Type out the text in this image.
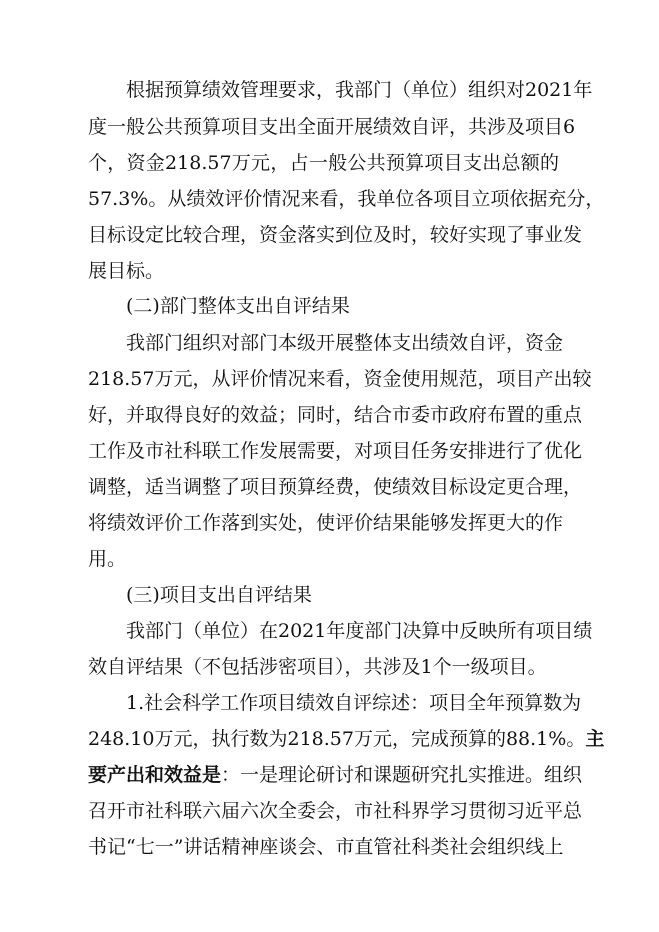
根据预算绩效管理要求，我部门（单位）组织对2021年

度一般公共预算项目支出全面开展绩效自评，共涉及项目6

个，资金218.57万元，占一般公共预算项目支出总额的

57.3%。从绩效评价情况来看，我单位各项目立项依据充分，

目标设定比较合理，资金落实到位及时，较好实现了事业发

展目标。

(二)部门整体支出自评结果

我部门组织对部门本级开展整体支出绩效自评，资金

218.57万元，从评价情况来看，资金使用规范，项目产出较

好，并取得良好的效益；同时，结合市委市政府布置的重点

工作及市社科联工作发展需要，对项目任务安排进行了优化

调整，适当调整了项目预算经费，使绩效目标设定更合理，

将绩效评价工作落到实处，使评价结果能够发挥更大的作

用。

(三)项目支出自评结果

我部门（单位）在2021年度部门决算中反映所有项目绩

效自评结果（不包括涉密项目），共涉及1个一级项目。

1.社会科学工作项目绩效自评综述：项目全年预算数为

248.10万元，执行数为218.57万元，完成预算的88.1%。主

要产出和效益是：一是理论研讨和课题研究扎实推进。组织

召开市社科联六届六次全委会，市社科界学习贯彻习近平总

书记“七一”讲话精神座谈会、市直管社科类社会组织线上
